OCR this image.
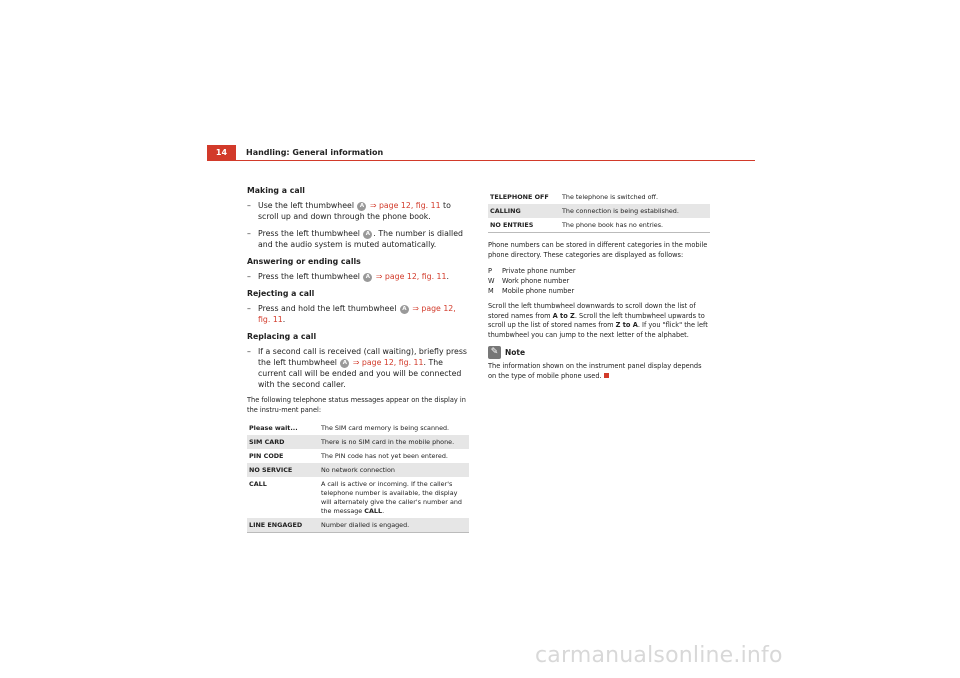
14	Handling: General information
Making a call
– Use the left thumbwheel A ⇒ page 12, fig. 11 to scroll up and down through the phone book.
– Press the left thumbwheel A . The number is dialled and the audio system is muted automatically.
Answering or ending calls
– Press the left thumbwheel A ⇒ page 12, fig. 11.
Rejecting a call
– Press and hold the left thumbwheel A ⇒ page 12, fig. 11.
Replacing a call
– If a second call is received (call waiting), briefly press the left thumbwheel A ⇒ page 12, fig. 11. The current call will be ended and you will be connected with the second caller.

The following telephone status messages appear on the display in the instru-ment panel:

Please wait...	The SIM card memory is being scanned.
SIM CARD	There is no SIM card in the mobile phone.
PIN CODE	The PIN code has not yet been entered.
NO SERVICE	No network connection
CALL	A call is active or incoming. If the caller's telephone number is available, the display will alternately give the caller's number and the message CALL.
LINE ENGAGED	Number dialled is engaged.
TELEPHONE OFF	The telephone is switched off.
CALLING	The connection is being established.
NO ENTRIES	The phone book has no entries.

Phone numbers can be stored in different categories in the mobile phone directory. These categories are displayed as follows:

P	Private phone number
W	Work phone number
M	Mobile phone number

Scroll the left thumbwheel downwards to scroll down the list of stored names from A to Z. Scroll the left thumbwheel upwards to scroll up the list of stored names from Z to A. If you "flick" the left thumbwheel you can jump to the next letter of the alphabet.

✎ Note

The information shown on the instrument panel display depends on the type of mobile phone used.

carmanualsonline.info
